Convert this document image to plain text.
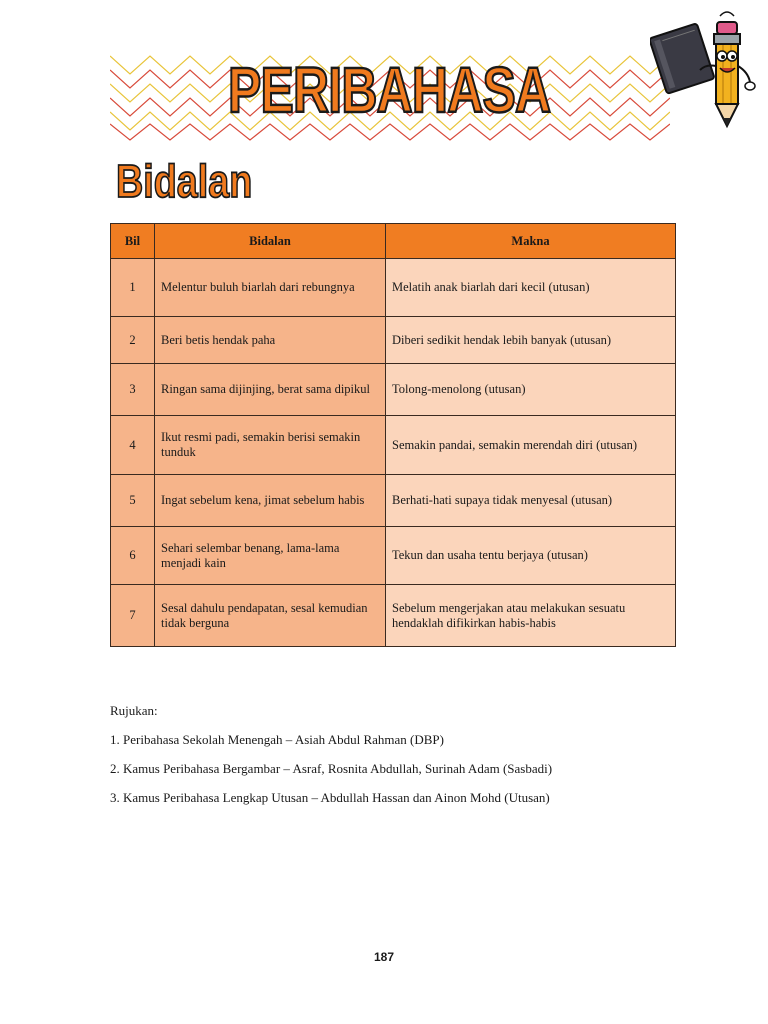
PERIBAHASA
Bidalan
Bil	Bidalan	Makna
1	Melentur buluh biarlah dari rebungnya	Melatih anak biarlah dari kecil (utusan)
2	Beri betis hendak paha	Diberi sedikit hendak lebih banyak (utusan)
3	Ringan sama dijinjing, berat sama dipikul	Tolong-menolong (utusan)
4	Ikut resmi padi, semakin berisi semakin tunduk	Semakin pandai, semakin merendah diri (utusan)
5	Ingat sebelum kena, jimat sebelum habis	Berhati-hati supaya tidak menyesal (utusan)
6	Sehari selembar benang, lama-lama menjadi kain	Tekun dan usaha tentu berjaya (utusan)
7	Sesal dahulu pendapatan, sesal kemudian tidak berguna	Sebelum mengerjakan atau melakukan sesuatu hendaklah difikirkan habis-habis
Rujukan:
1. Peribahasa Sekolah Menengah – Asiah Abdul Rahman (DBP)
2. Kamus Peribahasa Bergambar – Asraf, Rosnita Abdullah, Surinah Adam (Sasbadi)
3. Kamus Peribahasa Lengkap Utusan – Abdullah Hassan dan Ainon Mohd (Utusan)
187
